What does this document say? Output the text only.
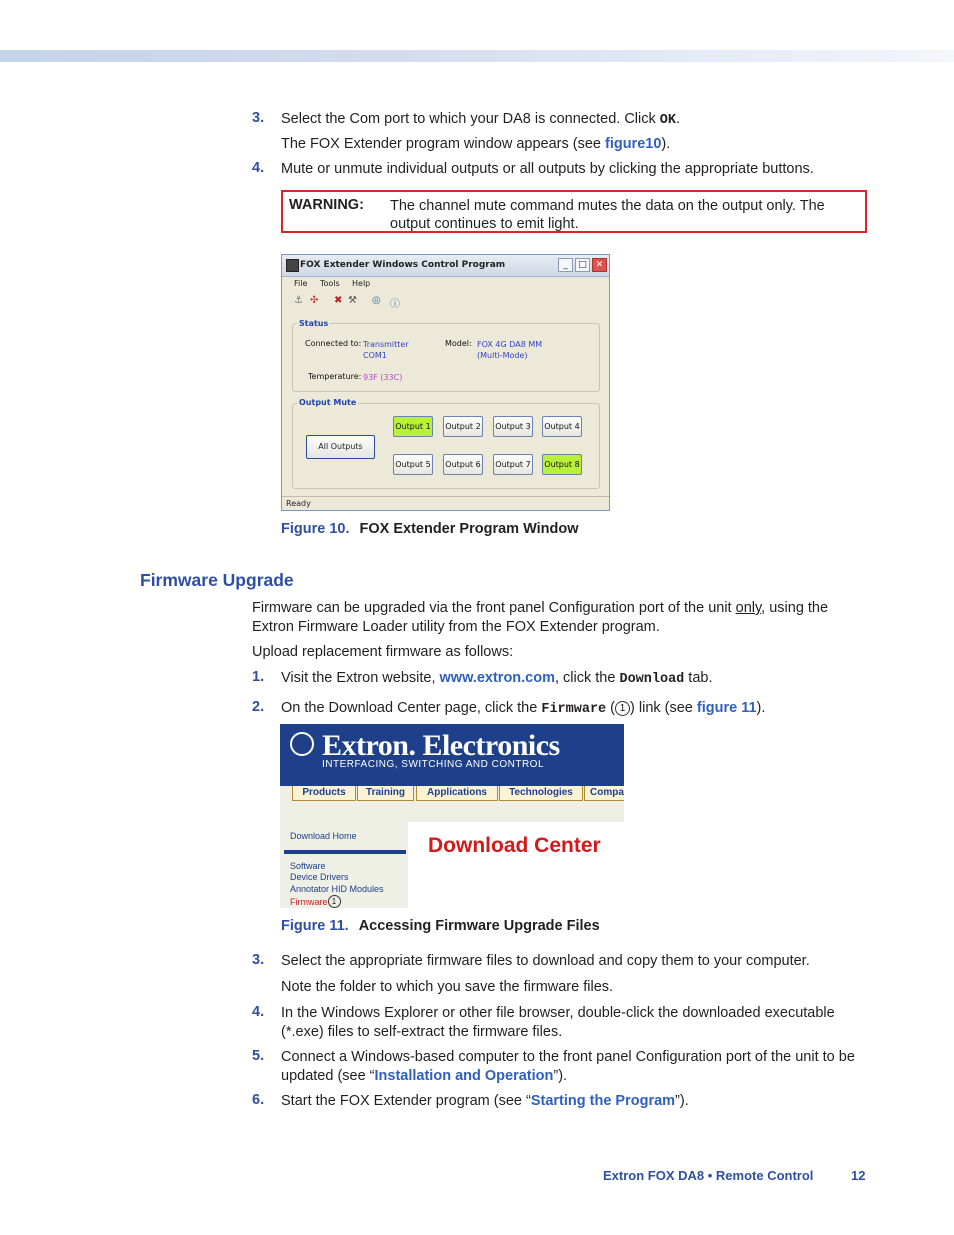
3. Select the Com port to which your DA8 is connected. Click OK.
The FOX Extender program window appears (see figure10).
4. Mute or unmute individual outputs or all outputs by clicking the appropriate buttons.
WARNING: The channel mute command mutes the data on the output only. The output continues to emit light.
FOX Extender Windows Control Program	_	□ ✕
File Tools Help
⚓ ✣ ✖ ⚒ ◎ ⓘ
Status
Connected to: Transmitter
COM1
Model: FOX 4G DA8 MM
(Multi-Mode)
Temperature: 93F (33C)
Output Mute
All Outputs
Output 1 Output 2 Output 3 Output 4
Output 5 Output 6 Output 7 Output 8
Ready
Figure 10. FOX Extender Program Window
Firmware Upgrade
Firmware can be upgraded via the front panel Configuration port of the unit only, using the Extron Firmware Loader utility from the FOX Extender program.
Upload replacement firmware as follows:
1. Visit the Extron website, www.extron.com, click the Download tab.
2. On the Download Center page, click the Firmware ( 1 ) link (see figure 11).
Extron. Electronics
INTERFACING, SWITCHING AND CONTROL
Products	Training	Applications	Technologies	Compa
Download Home
Software
Device Drivers
Annotator HID Modules
Firmware 1
Download Center
Figure 11. Accessing Firmware Upgrade Files
3. Select the appropriate firmware files to download and copy them to your computer.
Note the folder to which you save the firmware files.
4. In the Windows Explorer or other file browser, double-click the downloaded executable (*.exe) files to self-extract the firmware files.
5. Connect a Windows-based computer to the front panel Configuration port of the unit to be updated (see “Installation and Operation”).
6. Start the FOX Extender program (see “Starting the Program”).
Extron FOX DA8 • Remote Control	12
